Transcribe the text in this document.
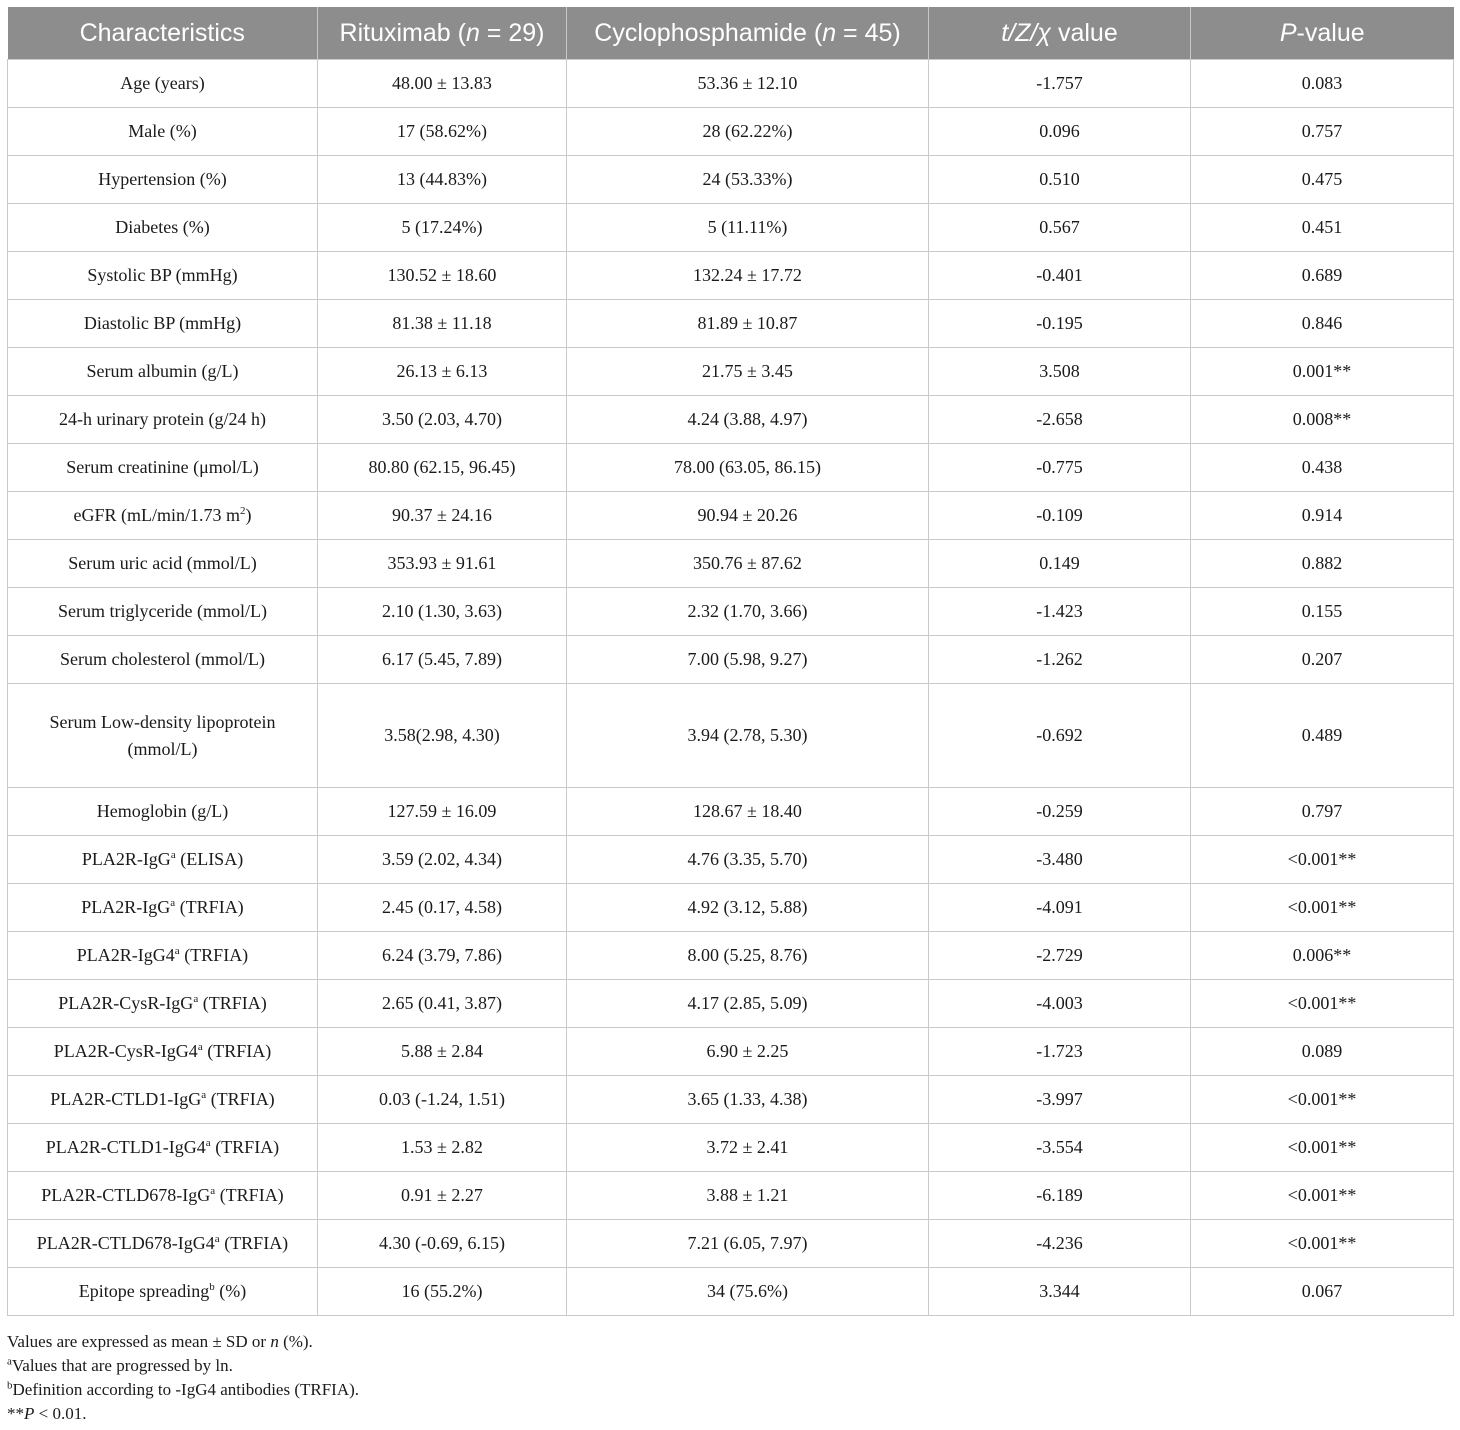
Characteristics	Rituximab (n = 29)	Cyclophosphamide (n = 45)	t/Z/χ value	P-value
Age (years)	48.00 ± 13.83	53.36 ± 12.10	-1.757	0.083
Male (%)	17 (58.62%)	28 (62.22%)	0.096	0.757
Hypertension (%)	13 (44.83%)	24 (53.33%)	0.510	0.475
Diabetes (%)	5 (17.24%)	5 (11.11%)	0.567	0.451
Systolic BP (mmHg)	130.52 ± 18.60	132.24 ± 17.72	-0.401	0.689
Diastolic BP (mmHg)	81.38 ± 11.18	81.89 ± 10.87	-0.195	0.846
Serum albumin (g/L)	26.13 ± 6.13	21.75 ± 3.45	3.508	0.001**
24-h urinary protein (g/24 h)	3.50 (2.03, 4.70)	4.24 (3.88, 4.97)	-2.658	0.008**
Serum creatinine (μmol/L)	80.80 (62.15, 96.45)	78.00 (63.05, 86.15)	-0.775	0.438
eGFR (mL/min/1.73 $m^2$)	90.37 ± 24.16	90.94 ± 20.26	-0.109	0.914
Serum uric acid (mmol/L)	353.93 ± 91.61	350.76 ± 87.62	0.149	0.882
Serum triglyceride (mmol/L)	2.10 (1.30, 3.63)	2.32 (1.70, 3.66)	-1.423	0.155
Serum cholesterol (mmol/L)	6.17 (5.45, 7.89)	7.00 (5.98, 9.27)	-1.262	0.207
Serum Low-density lipoprotein (mmol/L)	3.58(2.98, 4.30)	3.94 (2.78, 5.30)	-0.692	0.489
Hemoglobin (g/L)	127.59 ± 16.09	128.67 ± 18.40	-0.259	0.797
PLA2R-IgG$^a$ (ELISA)	3.59 (2.02, 4.34)	4.76 (3.35, 5.70)	-3.480	<0.001**
PLA2R-IgG$^a$ (TRFIA)	2.45 (0.17, 4.58)	4.92 (3.12, 5.88)	-4.091	<0.001**
PLA2R-IgG4$^a$ (TRFIA)	6.24 (3.79, 7.86)	8.00 (5.25, 8.76)	-2.729	0.006**
PLA2R-CysR-IgG$^a$ (TRFIA)	2.65 (0.41, 3.87)	4.17 (2.85, 5.09)	-4.003	<0.001**
PLA2R-CysR-IgG4$^a$ (TRFIA)	5.88 ± 2.84	6.90 ± 2.25	-1.723	0.089
PLA2R-CTLD1-IgG$^a$ (TRFIA)	0.03 (-1.24, 1.51)	3.65 (1.33, 4.38)	-3.997	<0.001**
PLA2R-CTLD1-IgG4$^a$ (TRFIA)	1.53 ± 2.82	3.72 ± 2.41	-3.554	<0.001**
PLA2R-CTLD678-IgG$^a$ (TRFIA)	0.91 ± 2.27	3.88 ± 1.21	-6.189	<0.001**
PLA2R-CTLD678-IgG4$^a$ (TRFIA)	4.30 (-0.69, 6.15)	7.21 (6.05, 7.97)	-4.236	<0.001**
Epitope spreading$^b$ (%)	16 (55.2%)	34 (75.6%)	3.344	0.067
Values are expressed as mean ± SD or n (%).
$^a$Values that are progressed by ln.
$^b$Definition according to -IgG4 antibodies (TRFIA).
**P < 0.01.
